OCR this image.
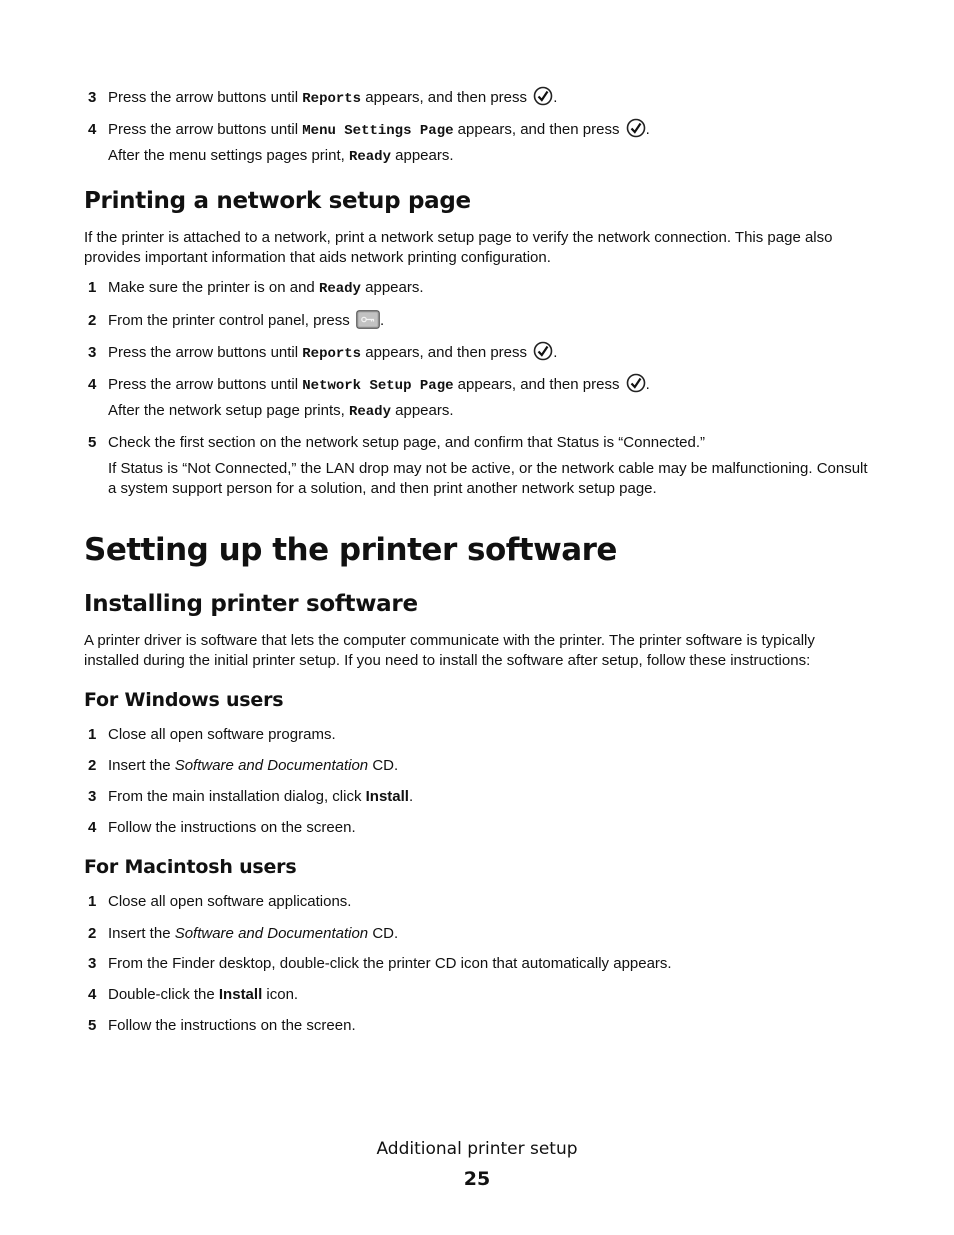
3 Press the arrow buttons until Reports appears, and then press .
4 Press the arrow buttons until Menu Settings Page appears, and then press .
After the menu settings pages print, Ready appears.
Printing a network setup page
If the printer is attached to a network, print a network setup page to verify the network connection. This page also provides important information that aids network printing configuration.
1 Make sure the printer is on and Ready appears.
2 From the printer control panel, press .
3 Press the arrow buttons until Reports appears, and then press .
4 Press the arrow buttons until Network Setup Page appears, and then press .
After the network setup page prints, Ready appears.
5 Check the first section on the network setup page, and confirm that Status is “Connected.”
If Status is “Not Connected,” the LAN drop may not be active, or the network cable may be malfunctioning. Consult a system support person for a solution, and then print another network setup page.
Setting up the printer software
Installing printer software
A printer driver is software that lets the computer communicate with the printer. The printer software is typically installed during the initial printer setup. If you need to install the software after setup, follow these instructions:
For Windows users
1 Close all open software programs.
2 Insert the Software and Documentation CD.
3 From the main installation dialog, click Install.
4 Follow the instructions on the screen.
For Macintosh users
1 Close all open software applications.
2 Insert the Software and Documentation CD.
3 From the Finder desktop, double-click the printer CD icon that automatically appears.
4 Double-click the Install icon.
5 Follow the instructions on the screen.
Additional printer setup
25
